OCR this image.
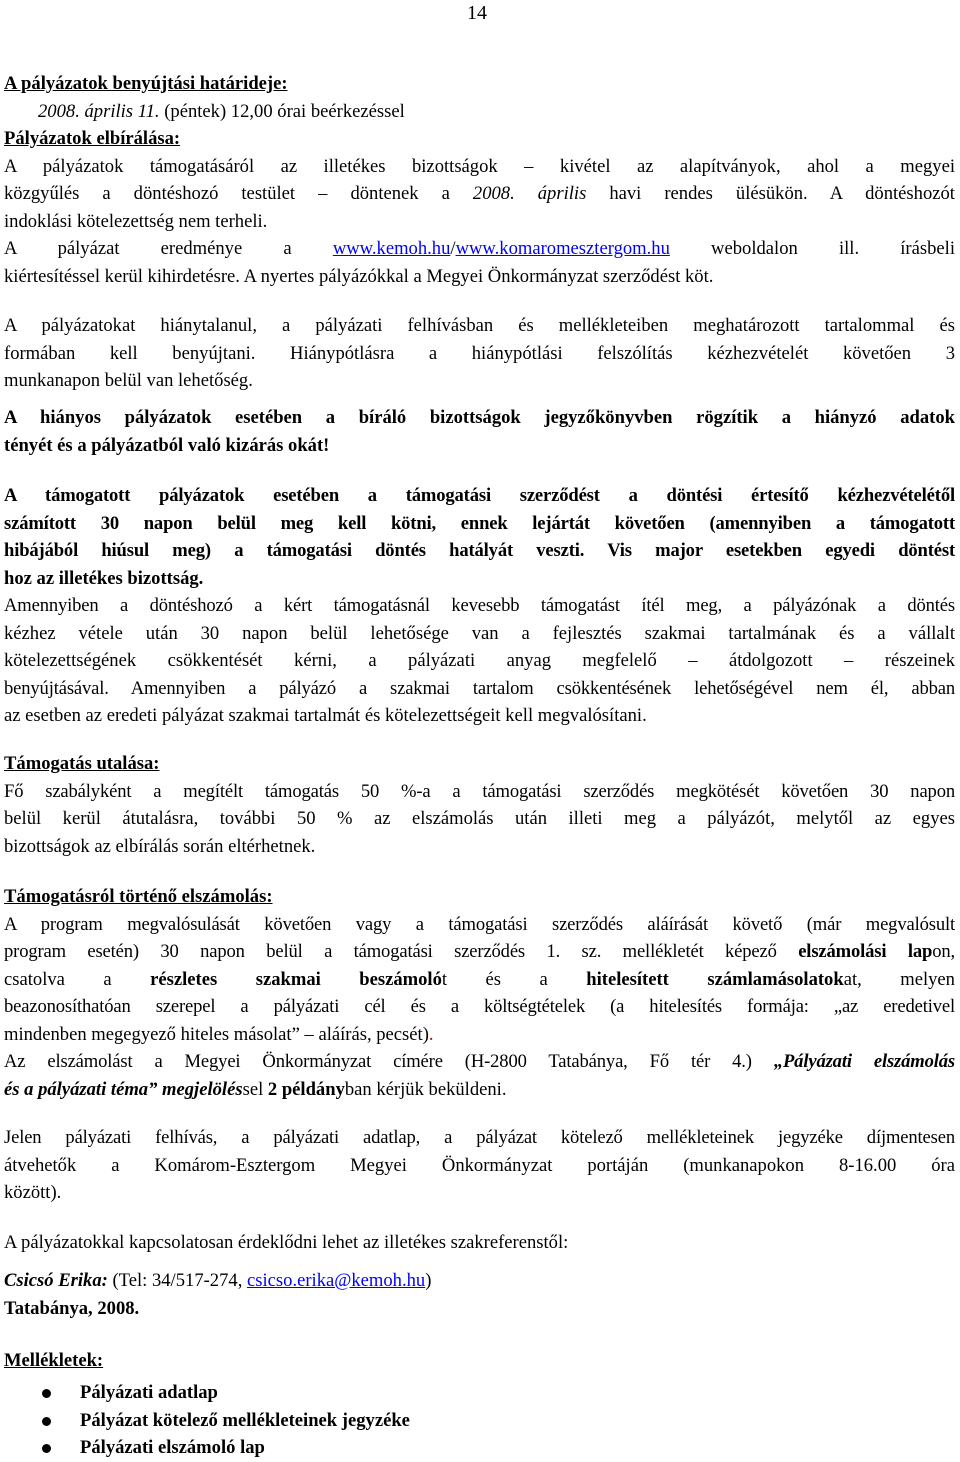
14
A pályázatok benyújtási határideje:
2008. április 11. (péntek) 12,00 órai beérkezéssel
Pályázatok elbírálása:
A pályázatok támogatásáról az illetékes bizottságok – kivétel az alapítványok, ahol a megyei
közgyűlés a döntéshozó testület – döntenek a 2008. április havi rendes ülésükön. A döntéshozót
indoklási kötelezettség nem terheli.
A pályázat eredménye a www.kemoh.hu/www.komaromesztergom.hu weboldalon ill. írásbeli
kiértesítéssel kerül kihirdetésre. A nyertes pályázókkal a Megyei Önkormányzat szerződést köt.
A pályázatokat hiánytalanul, a pályázati felhívásban és mellékleteiben meghatározott tartalommal és
formában kell benyújtani. Hiánypótlásra a hiánypótlási felszólítás kézhezvételét követően 3
munkanapon belül van lehetőség.
A hiányos pályázatok esetében a bíráló bizottságok jegyzőkönyvben rögzítik a hiányzó adatok
tényét és a pályázatból való kizárás okát!
A támogatott pályázatok esetében a támogatási szerződést a döntési értesítő kézhezvételétől
számított 30 napon belül meg kell kötni, ennek lejártát követően (amennyiben a támogatott
hibájából hiúsul meg) a támogatási döntés hatályát veszti. Vis major esetekben egyedi döntést
hoz az illetékes bizottság.
Amennyiben a döntéshozó a kért támogatásnál kevesebb támogatást ítél meg, a pályázónak a döntés
kézhez vétele után 30 napon belül lehetősége van a fejlesztés szakmai tartalmának és a vállalt
kötelezettségének csökkentését kérni, a pályázati anyag megfelelő – átdolgozott – részeinek
benyújtásával. Amennyiben a pályázó a szakmai tartalom csökkentésének lehetőségével nem él, abban
az esetben az eredeti pályázat szakmai tartalmát és kötelezettségeit kell megvalósítani.
Támogatás utalása:
Fő szabályként a megítélt támogatás 50 %-a a támogatási szerződés megkötését követően 30 napon
belül kerül átutalásra, további 50 % az elszámolás után illeti meg a pályázót, melytől az egyes
bizottságok az elbírálás során eltérhetnek.
Támogatásról történő elszámolás:
A program megvalósulását követően vagy a támogatási szerződés aláírását követő (már megvalósult
program esetén) 30 napon belül a támogatási szerződés 1. sz. mellékletét képező elszámolási lapon,
csatolva a részletes szakmai beszámolót és a hitelesített számlamásolatokat, melyen
beazonosíthatóan szerepel a pályázati cél és a költségtételek (a hitelesítés formája: „az eredetivel
mindenben megegyező hiteles másolat” – aláírás, pecsét).
Az elszámolást a Megyei Önkormányzat címére (H-2800 Tatabánya, Fő tér 4.) „Pályázati elszámolás
és a pályázati téma” megjelöléssel 2 példányban kérjük beküldeni.
Jelen pályázati felhívás, a pályázati adatlap, a pályázat kötelező mellékleteinek jegyzéke díjmentesen
átvehetők a Komárom-Esztergom Megyei Önkormányzat portáján (munkanapokon 8-16.00 óra
között).
A pályázatokkal kapcsolatosan érdeklődni lehet az illetékes szakreferenstől:
Csicsó Erika: (Tel: 34/517-274, csicso.erika@kemoh.hu)
Tatabánya, 2008.
Mellékletek:
Pályázati adatlap
Pályázat kötelező mellékleteinek jegyzéke
Pályázati elszámoló lap
